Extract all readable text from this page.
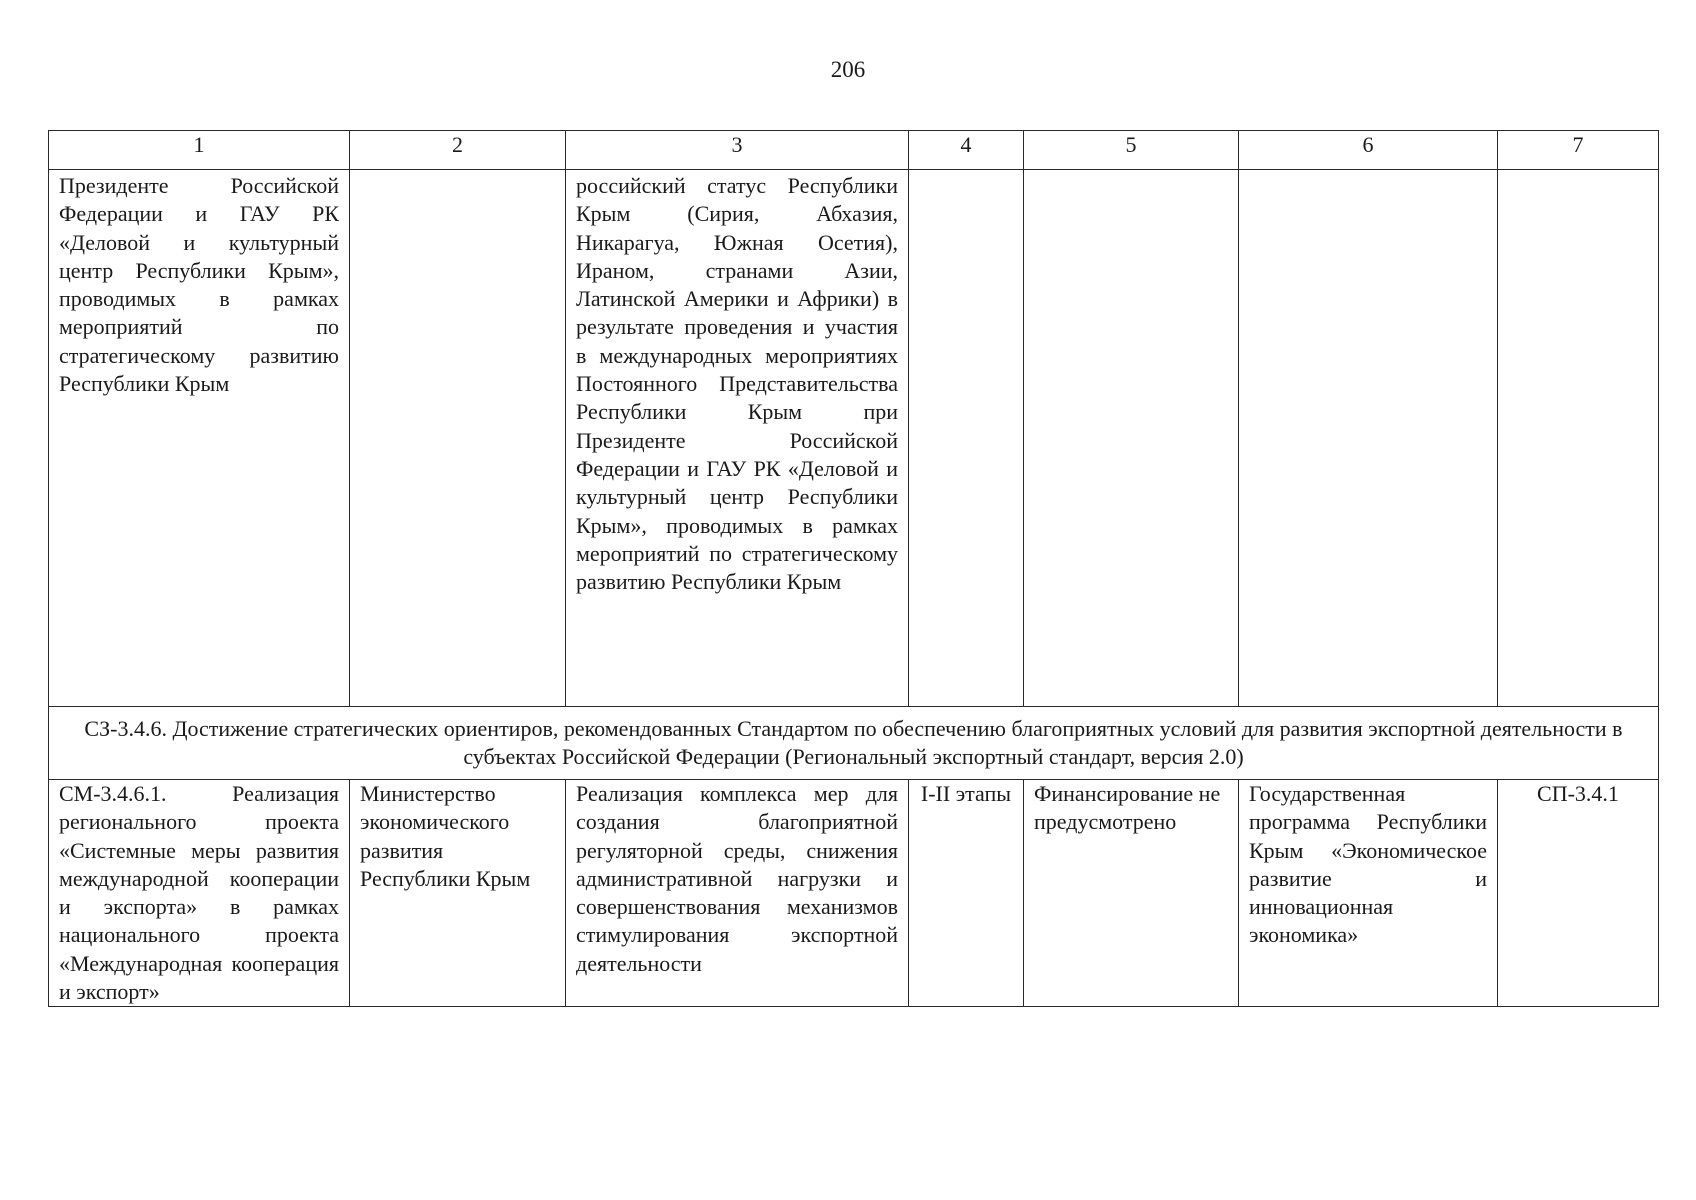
206
1	2	3	4	5	6	7
Президенте Российской Федерации и ГАУ РК «Деловой и культурный центр Республики Крым», проводимых в рамках мероприятий по стратегическому развитию Республики Крым		российский статус Республики Крым (Сирия, Абхазия, Никарагуа, Южная Осетия), Ираном, странами Азии, Латинской Америки и Африки) в результате проведения и участия в международных мероприятиях Постоянного Представительства Республики Крым при Президенте Российской Федерации и ГАУ РК «Деловой и культурный центр Республики Крым», проводимых в рамках мероприятий по стратегическому развитию Республики Крым				
СЗ-3.4.6. Достижение стратегических ориентиров, рекомендованных Стандартом по обеспечению благоприятных условий для развития экспортной деятельности в субъектах Российской Федерации (Региональный экспортный стандарт, версия 2.0)						
СМ-3.4.6.1. Реализация регионального проекта «Системные меры развития международной кооперации и экспорта» в рамках национального проекта «Международная кооперация и экспорт»	Министерство экономического развития Республики Крым	Реализация комплекса мер для создания благоприятной регуляторной среды, снижения административной нагрузки и совершенствования механизмов стимулирования экспортной деятельности	I-II этапы	Финансирование не предусмотрено	Государственная программа Республики Крым «Экономическое развитие и инновационная экономика»	СП-3.4.1
